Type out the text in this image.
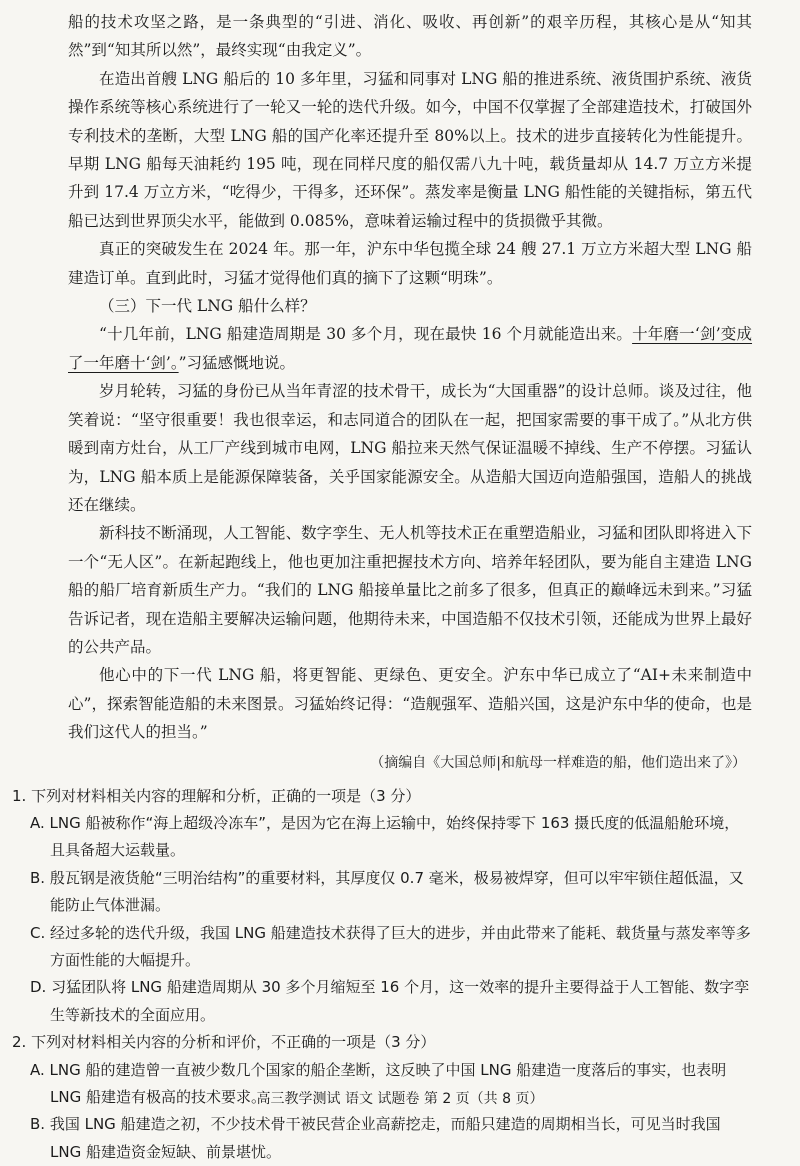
船的技术攻坚之路，是一条典型的“引进、消化、吸收、再创新”的艰辛历程，其核心是从“知其然”到“知其所以然”，最终实现“由我定义”。

在造出首艘 LNG 船后的 10 多年里，习猛和同事对 LNG 船的推进系统、液货围护系统、液货操作系统等核心系统进行了一轮又一轮的迭代升级。如今，中国不仅掌握了全部建造技术，打破国外专利技术的垄断，大型 LNG 船的国产化率还提升至 80%以上。技术的进步直接转化为性能提升。早期 LNG 船每天油耗约 195 吨，现在同样尺度的船仅需八九十吨，载货量却从 14.7 万立方米提升到 17.4 万立方米，“吃得少，干得多，还环保”。蒸发率是衡量 LNG 船性能的关键指标，第五代船已达到世界顶尖水平，能做到 0.085%，意味着运输过程中的货损微乎其微。

真正的突破发生在 2024 年。那一年，沪东中华包揽全球 24 艘 27.1 万立方米超大型 LNG 船建造订单。直到此时，习猛才觉得他们真的摘下了这颗“明珠”。

（三）下一代 LNG 船什么样？

“十几年前，LNG 船建造周期是 30 多个月，现在最快 16 个月就能造出来。十年磨一‘剑’变成了一年磨十‘剑’。”习猛感慨地说。

岁月轮转，习猛的身份已从当年青涩的技术骨干，成长为“大国重器”的设计总师。谈及过往，他笑着说：“坚守很重要！我也很幸运，和志同道合的团队在一起，把国家需要的事干成了。”从北方供暖到南方灶台，从工厂产线到城市电网，LNG 船拉来天然气保证温暖不掉线、生产不停摆。习猛认为，LNG 船本质上是能源保障装备，关乎国家能源安全。从造船大国迈向造船强国，造船人的挑战还在继续。

新科技不断涌现，人工智能、数字孪生、无人机等技术正在重塑造船业，习猛和团队即将进入下一个“无人区”。在新起跑线上，他也更加注重把握技术方向、培养年轻团队，要为能自主建造 LNG 船的船厂培育新质生产力。“我们的 LNG 船接单量比之前多了很多，但真正的巅峰远未到来。”习猛告诉记者，现在造船主要解决运输问题，他期待未来，中国造船不仅技术引领，还能成为世界上最好的公共产品。

他心中的下一代 LNG 船，将更智能、更绿色、更安全。沪东中华已成立了“AI+未来制造中心”，探索智能造船的未来图景。习猛始终记得：“造舰强军、造船兴国，这是沪东中华的使命，也是我们这代人的担当。”

（摘编自《大国总师|和航母一样难造的船，他们造出来了》）

1. 下列对材料相关内容的理解和分析，正确的一项是（3 分）

A. LNG 船被称作“海上超级冷冻车”，是因为它在海上运输中，始终保持零下 163 摄氏度的低温船舱环境，且具备超大运载量。

B. 殷瓦钢是液货舱“三明治结构”的重要材料，其厚度仅 0.7 毫米，极易被焊穿，但可以牢牢锁住超低温，又能防止气体泄漏。

C. 经过多轮的迭代升级，我国 LNG 船建造技术获得了巨大的进步，并由此带来了能耗、载货量与蒸发率等多方面性能的大幅提升。

D. 习猛团队将 LNG 船建造周期从 30 多个月缩短至 16 个月，这一效率的提升主要得益于人工智能、数字孪生等新技术的全面应用。

2. 下列对材料相关内容的分析和评价，不正确的一项是（3 分）

A. LNG 船的建造曾一直被少数几个国家的船企垄断，这反映了中国 LNG 船建造一度落后的事实，也表明 LNG 船建造有极高的技术要求。

B. 我国 LNG 船建造之初，不少技术骨干被民营企业高薪挖走，而船只建造的周期相当长，可见当时我国 LNG 船建造资金短缺、前景堪忧。

高三教学测试 语文 试题卷 第 2 页（共 8 页）
